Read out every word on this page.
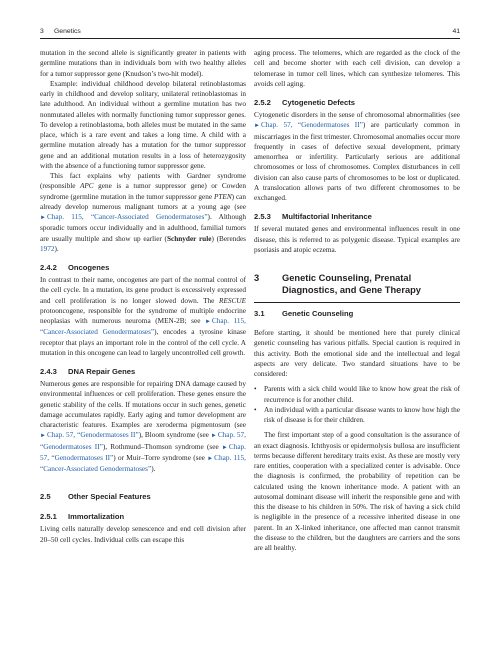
3 Genetics	41

mutation in the second allele is significantly greater in patients with germline mutations than in individuals born with two healthy alleles for a tumor suppressor gene (Knudson’s two-hit model).

Example: individual childhood develop bilateral retinoblastomas early in childhood and develop solitary, unilateral retinoblastomas in late adulthood. An individual without a germline mutation has two nonmutated alleles with normally functioning tumor suppressor genes. To develop a retinoblastoma, both alleles must be mutated in the same place, which is a rare event and takes a long time. A child with a germline mutation already has a mutation for the tumor suppressor gene and an additional mutation results in a loss of heterozygosity with the absence of a functioning tumor suppressor gene.

This fact explains why patients with Gardner syndrome (responsible APC gene is a tumor suppressor gene) or Cowden syndrome (germline mutation in the tumor suppressor gene PTEN) can already develop numerous malignant tumors at a young age (see ►Chap. 115, “Cancer-Associated Genodermatoses”). Although sporadic tumors occur individually and in adulthood, familial tumors are usually multiple and show up earlier (Schnyder rule) (Berendes 1972).

2.4.2	Oncogenes

In contrast to their name, oncogenes are part of the normal control of the cell cycle. In a mutation, its gene product is excessively expressed and cell proliferation is no longer slowed down. The RESCUE protooncogene, responsible for the syndrome of multiple endocrine neoplasias with numerous neuroma (MEN-2B; see ►Chap. 115, “Cancer-Associated Genodermatoses”), encodes a tyrosine kinase receptor that plays an important role in the control of the cell cycle. A mutation in this oncogene can lead to largely uncontrolled cell growth.

2.4.3	DNA Repair Genes

Numerous genes are responsible for repairing DNA damage caused by environmental influences or cell proliferation. These genes ensure the genetic stability of the cells. If mutations occur in such genes, genetic damage accumulates rapidly. Early aging and tumor development are characteristic features. Examples are xeroderma pigmentosum (see ►Chap. 57, “Genodermatoses II”), Bloom syndrome (see ►Chap. 57, “Genodermatoses II”), Rothmund–Thomson syndrome (see ►Chap. 57, “Genodermatoses II”) or Muir–Torre syndrome (see ►Chap. 115, “Cancer-Associated Genodermatoses”).

2.5	Other Special Features
2.5.1	Immortalization

Living cells naturally develop senescence and end cell division after 20–50 cell cycles. Individual cells can escape this

aging process. The telomeres, which are regarded as the clock of the cell and become shorter with each cell division, can develop a telomerase in tumor cell lines, which can synthesize telomeres. This avoids cell aging.

2.5.2	Cytogenetic Defects

Cytogenetic disorders in the sense of chromosomal abnormalities (see ►Chap. 57, “Genodermatoses II”) are particularly common in miscarriages in the first trimester. Chromosomal anomalies occur more frequently in cases of defective sexual development, primary amenorrhea or infertility. Particularly serious are additional chromosomes or loss of chromosomes. Complex disturbances in cell division can also cause parts of chromosomes to be lost or duplicated. A translocation allows parts of two different chromosomes to be exchanged.

2.5.3	Multifactorial Inheritance

If several mutated genes and environmental influences result in one disease, this is referred to as polygenic disease. Typical examples are psoriasis and atopic eczema.

3	Genetic Counseling, Prenatal Diagnostics, and Gene Therapy
3.1	Genetic Counseling

Before starting, it should be mentioned here that purely clinical genetic counseling has various pitfalls. Special caution is required in this activity. Both the emotional side and the intellectual and legal aspects are very delicate. Two standard situations have to be considered:

• Parents with a sick child would like to know how great the risk of recurrence is for another child.
• An individual with a particular disease wants to know how high the risk of disease is for their children.

The first important step of a good consultation is the assurance of an exact diagnosis. Ichthyosis or epidermolysis bullosa are insufficient terms because different hereditary traits exist. As these are mostly very rare entities, cooperation with a specialized center is advisable. Once the diagnosis is confirmed, the probability of repetition can be calculated using the known inheritance mode. A patient with an autosomal dominant disease will inherit the responsible gene and with this the disease to his children in 50%. The risk of having a sick child is negligible in the presence of a recessive inherited disease in one parent. In an X-linked inheritance, one affected man cannot transmit the disease to the children, but the daughters are carriers and the sons are all healthy.
